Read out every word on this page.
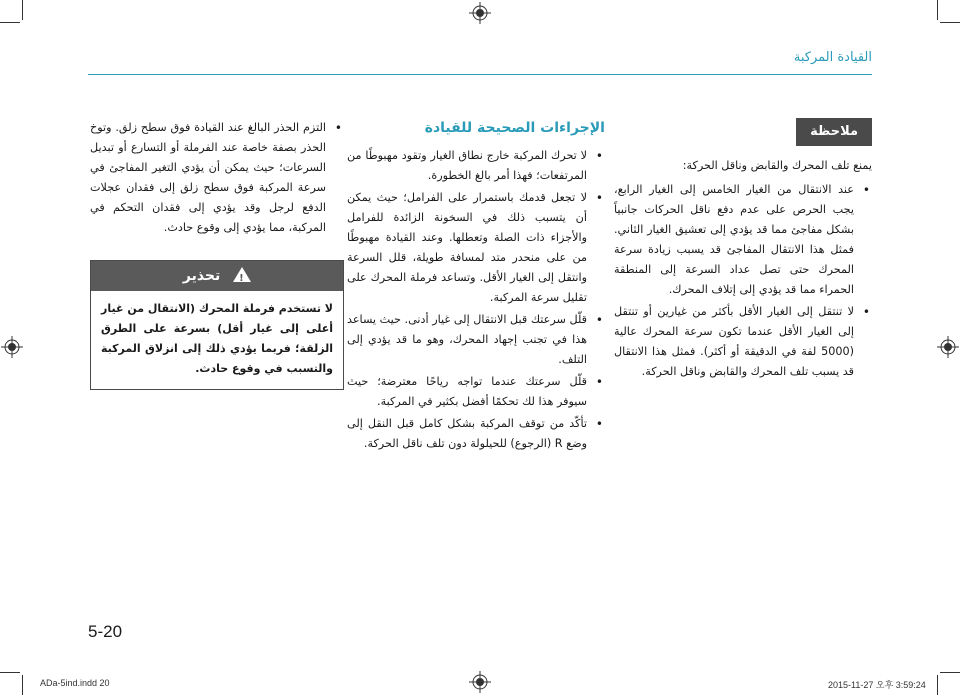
القيادة المركبة
ملاحظة
يمنع تلف المحرك والقابض وناقل الحركة:
• عند الانتقال من الغيار الخامس إلى الغيار الرابع، يجب الحرص على عدم دفع ناقل الحركات جانبياً بشكل مفاجئ مما قد يؤدي إلى تعشيق الغيار الثاني. فمثل هذا الانتقال المفاجئ قد يسبب زيادة سرعة المحرك حتى تصل عداد السرعة إلى المنطقة الحمراء مما قد يؤدي إلى إتلاف المحرك.
• لا تنتقل إلى الغيار الأقل بأكثر من غيارين أو تنتقل إلى الغيار الأقل عندما تكون سرعة المحرك عالية (5000 لفة في الدقيقة أو أكثر). فمثل هذا الانتقال قد يسبب تلف المحرك والقابض وناقل الحركة.
الإجراءات الصحيحة للقيادة
• لا تحرك المركبة خارج نطاق الغيار وتقود مهبوطًا من المرتفعات؛ فهذا أمر بالغ الخطورة.
• لا تجعل قدمك باستمرار على الفرامل؛ حيث يمكن أن يتسبب ذلك في السخونة الزائدة للفرامل والأجزاء ذات الصلة وتعطلها. وعند القيادة مهبوطًا من على منحدر متد لمسافة طويلة، قلل السرعة وانتقل إلى الغيار الأقل. وتساعد فرملة المحرك على تقليل سرعة المركبة.
• قلّل سرعتك قبل الانتقال إلى غيار أدنى. حيث يساعد هذا في تجنب إجهاد المحرك، وهو ما قد يؤدي إلى التلف.
• قلّل سرعتك عندما تواجه رياحًا معترضة؛ حيث سيوفر هذا لك تحكمًا أفضل بكثير في المركبة.
• تأكّد من توقف المركبة بشكل كامل قبل النقل إلى وضع R (الرجوع) للحيلولة دون تلف ناقل الحركة.
• التزم الحذر البالغ عند القيادة فوق سطح زلق. وتوخ الحذر بصفة خاصة عند الفرملة أو التسارع أو تبديل السرعات؛ حيث يمكن أن يؤدي التغير المفاجئ في سرعة المركبة فوق سطح زلق إلى فقدان عجلات الدفع لرجل وقد يؤدي إلى فقدان التحكم في المركبة، مما يؤدي إلى وقوع حادث.
! تحذير
لا تستخدم فرملة المحرك (الانتقال من غيار أعلى إلى غيار أقل) بسرعة على الطرق الزلقة؛ فربما يؤدي ذلك إلى انزلاق المركبة والتسبب في وقوع حادث.
5-20
ADa-5ind.indd 20	2015-11-27 오후 3:59:24
